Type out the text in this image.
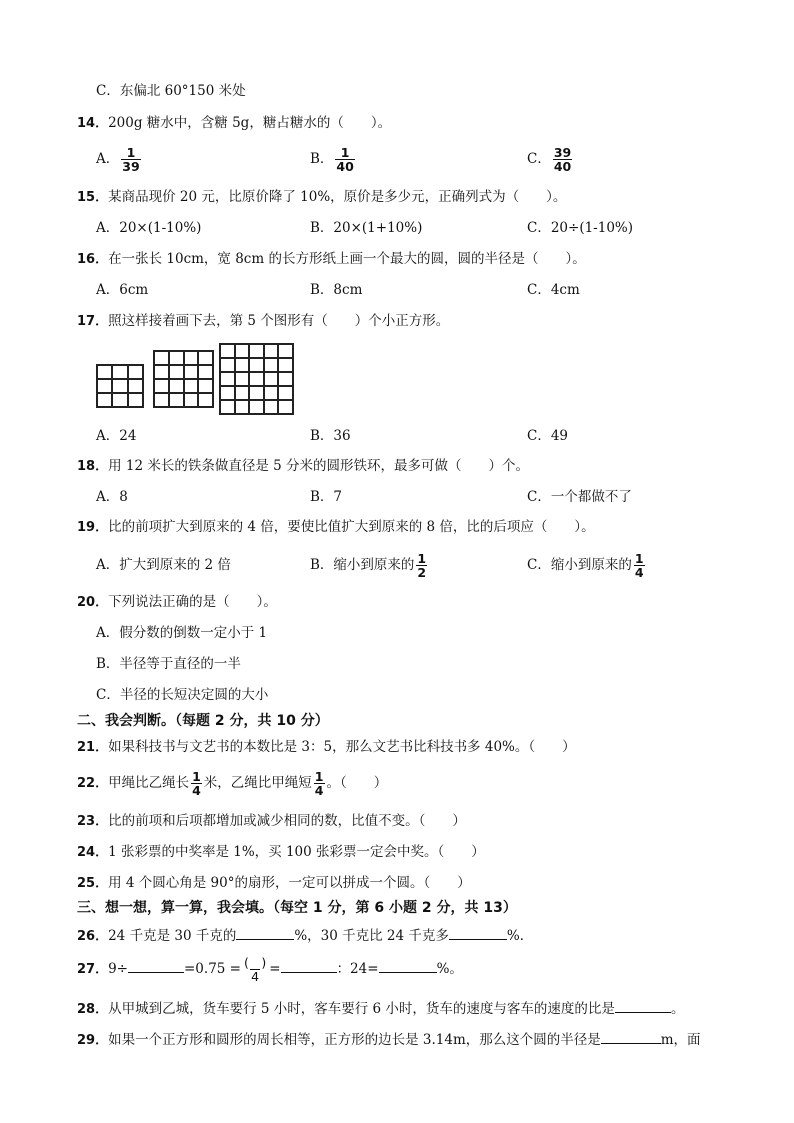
C．东偏北 60°150 米处
14．200g 糖水中，含糖 5g，糖占糖水的（　　）。
A． $\frac{1}{39}$	B． $\frac{1}{40}$	C． $\frac{39}{40}$
15．某商品现价 20 元，比原价降了 10%，原价是多少元，正确列式为（　　）。
A．20×(1-10%)	B．20×(1+10%)	C．20÷(1-10%)
16．在一张长 10cm，宽 8cm 的长方形纸上画一个最大的圆，圆的半径是（　　）。
A．6cm	B．8cm	C．4cm
17．照这样接着画下去，第 5 个图形有（　　）个小正方形。
A．24	B．36	C．49
18．用 12 米长的铁条做直径是 5 分米的圆形铁环，最多可做（　　）个。
A．8	B．7	C．一个都做不了
19．比的前项扩大到原来的 4 倍，要使比值扩大到原来的 8 倍，比的后项应（　　）。
A．扩大到原来的 2 倍	B．缩小到原来的 $\frac{1}{2}$	C．缩小到原来的 $\frac{1}{4}$
20．下列说法正确的是（　　）。
A．假分数的倒数一定小于 1
B．半径等于直径的一半
C．半径的长短决定圆的大小
二、我会判断。（每题 2 分，共 10 分）
21．如果科技书与文艺书的本数比是 3：5，那么文艺书比科技书多 40%。（　　）
22．甲绳比乙绳长 $\frac{1}{4}$ 米，乙绳比甲绳短 $\frac{1}{4}$ 。（　　）
23．比的前项和后项都增加或减少相同的数，比值不变。（　　）
24．1 张彩票的中奖率是 1%，买 100 张彩票一定会中奖。（　　）
25．用 4 个圆心角是 90°的扇形，一定可以拼成一个圆。（　　）
三、想一想，算一算，我会填。（每空 1 分，第 6 小题 2 分，共 13）
26．24 千克是 30 千克的	%，30 千克比 24 千克多	%．
27．9÷	$=0.75 = \frac{( )}{4}$ =	：24=	%。
28．从甲城到乙城，货车要行 5 小时，客车要行 6 小时，货车的速度与客车的速度的比是	。
29．如果一个正方形和圆形的周长相等，正方形的边长是 3.14m，那么这个圆的半径是	m，面
